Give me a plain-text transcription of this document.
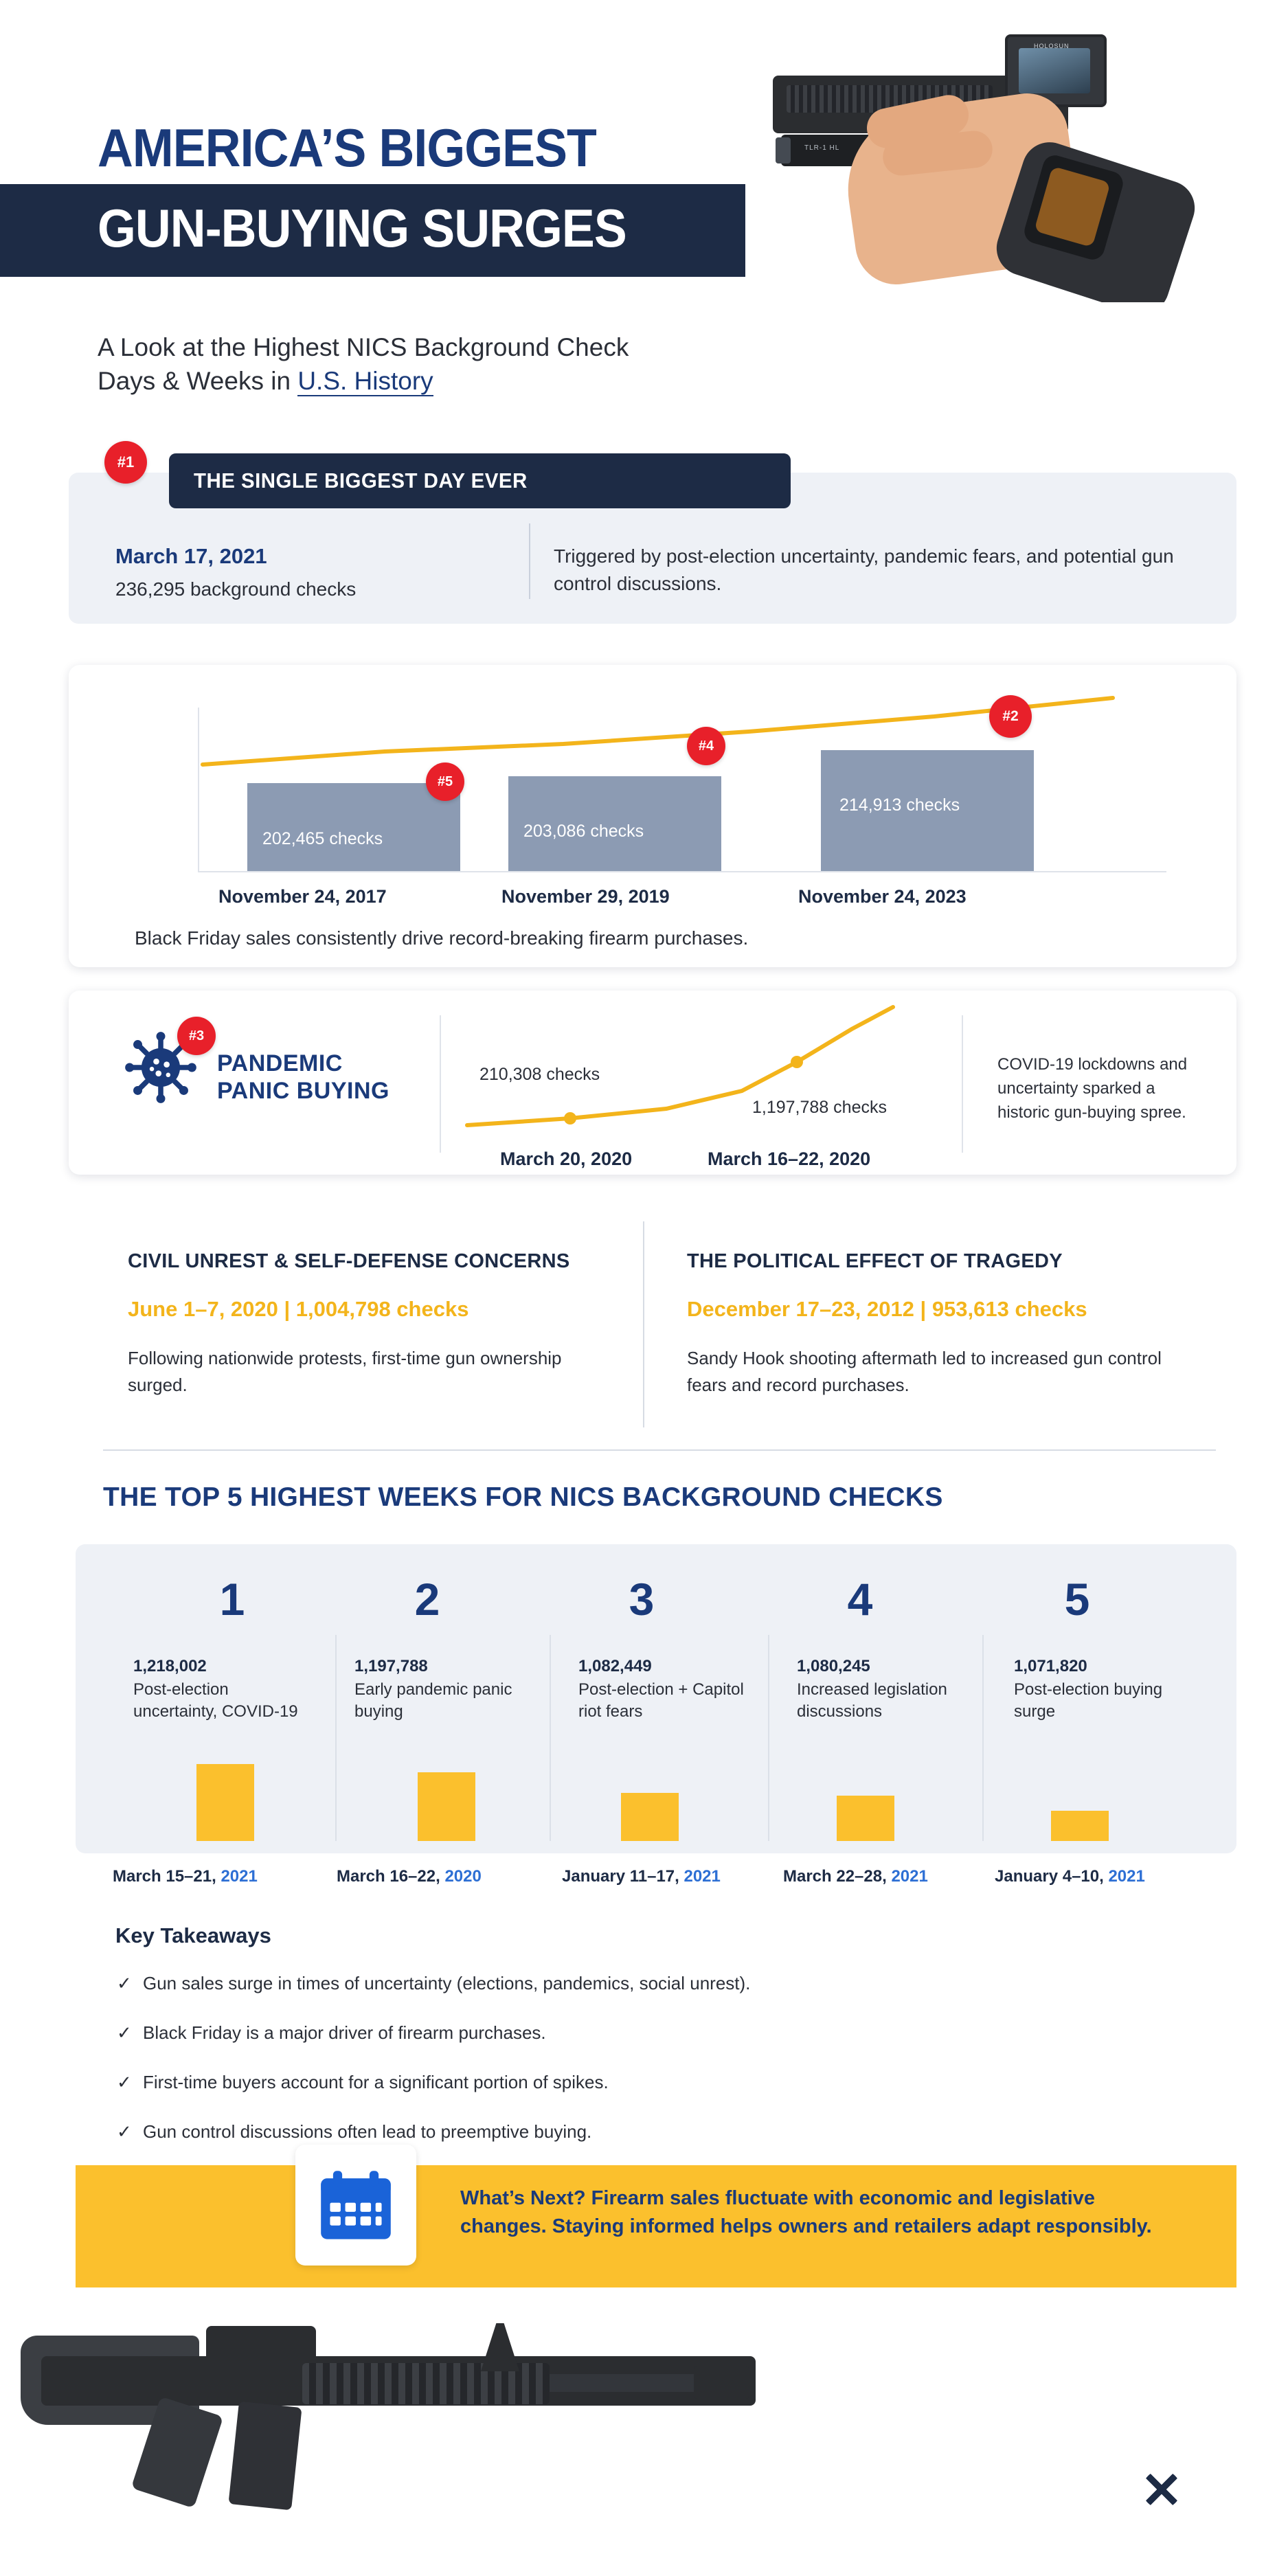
HOLOSUN
TLR-1 HL
AMERICA’S BIGGEST
GUN-BUYING SURGES
A Look at the Highest NICS Background Check
Days & Weeks in U.S. History
THE SINGLE BIGGEST DAY EVER
#1
March 17, 2021
236,295 background checks
Triggered by post-election uncertainty, pandemic fears, and potential gun control discussions.
202,465 checks	203,086 checks
214,913 checks
#5
#4
#2
November 24, 2017	November 29, 2019	November 24, 2023
Black Friday sales consistently drive record-breaking firearm purchases.
#3
PANDEMIC
PANIC BUYING
210,308 checks
1,197,788 checks
March 20, 2020	March 16–22, 2020
COVID-19 lockdowns and uncertainty sparked a historic gun-buying spree.
CIVIL UNREST & SELF-DEFENSE CONCERNS
June 1–7, 2020 | 1,004,798 checks
Following nationwide protests, first-time gun ownership surged.
THE POLITICAL EFFECT OF TRAGEDY
December 17–23, 2012 | 953,613 checks
Sandy Hook shooting aftermath led to increased gun control fears and record purchases.
THE TOP 5 HIGHEST WEEKS FOR NICS BACKGROUND CHECKS
1
1,218,002
Post-election uncertainty, COVID-19
March 15–21, 2021
2
1,197,788
Early pandemic panic buying
March 16–22, 2020
3
1,082,449
Post-election + Capitol riot fears
January 11–17, 2021
4
1,080,245
Increased legislation discussions
March 22–28, 2021
5
1,071,820
Post-election buying surge
January 4–10, 2021
Key Takeaways
✓ Gun sales surge in times of uncertainty (elections, pandemics, social unrest).
✓ Black Friday is a major driver of firearm purchases.
✓ First-time buyers account for a significant portion of spikes.
✓ Gun control discussions often lead to preemptive buying.
What’s Next? Firearm sales fluctuate with economic and legislative changes. Staying informed helps owners and retailers adapt responsibly.
GUNPRIME
